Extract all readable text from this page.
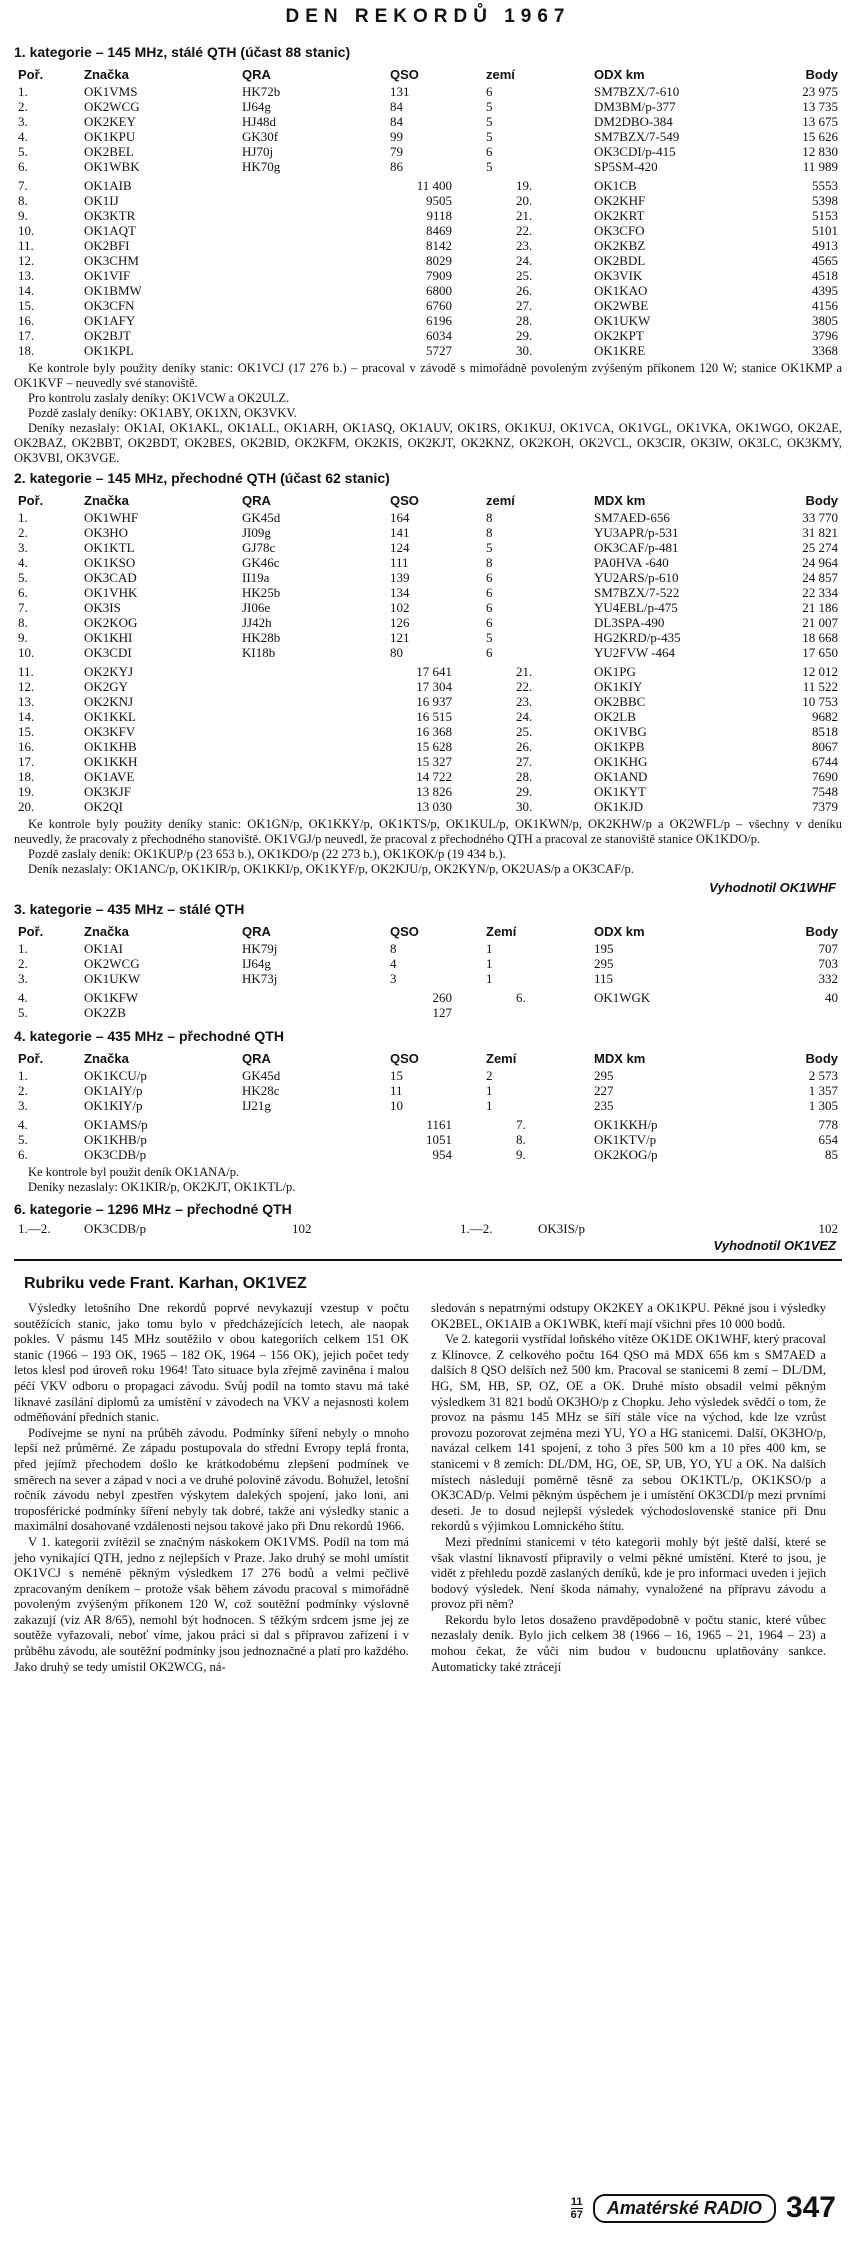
DEN REKORDŮ 1967
1. kategorie – 145 MHz, stálé QTH (účast 88 stanic)
Poř.	Značka	QRA	QSO	zemí	ODX km	Body
1.	OK1VMS	HK72b	131	6	SM7BZX/7-610	23 975
2.	OK2WCG	IJ64g	84	5	DM3BM/p-377	13 735
3.	OK2KEY	HJ48d	84	5	DM2DBO-384	13 675
4.	OK1KPU	GK30f	99	5	SM7BZX/7-549	15 626
5.	OK2BEL	HJ70j	79	6	OK3CDI/p-415	12 830
6.	OK1WBK	HK70g	86	5	SP5SM-420	11 989
7.	OK1AIB	11 400	19.	OK1CB	5553
8.	OK1IJ	9505	20.	OK2KHF	5398
9.	OK3KTR	9118	21.	OK2KRT	5153
10.	OK1AQT	8469	22.	OK3CFO	5101
11.	OK2BFI	8142	23.	OK2KBZ	4913
12.	OK3CHM	8029	24.	OK2BDL	4565
13.	OK1VIF	7909	25.	OK3VIK	4518
14.	OK1BMW	6800	26.	OK1KAO	4395
15.	OK3CFN	6760	27.	OK2WBE	4156
16.	OK1AFY	6196	28.	OK1UKW	3805
17.	OK2BJT	6034	29.	OK2KPT	3796
18.	OK1KPL	5727	30.	OK1KRE	3368

Ke kontrole byly použity deníky stanic: OK1VCJ (17 276 b.) – pracoval v závodě s mimořádně povoleným zvýšeným příkonem 120 W; stanice OK1KMP a OK1KVF – neuvedly své stanoviště.

Pro kontrolu zaslaly deníky: OK1VCW a OK2ULZ.

Pozdě zaslaly deníky: OK1ABY, OK1XN, OK3VKV.

Deníky nezaslaly: OK1AI, OK1AKL, OK1ALL, OK1ARH, OK1ASQ, OK1AUV, OK1RS, OK1KUJ, OK1VCA, OK1VGL, OK1VKA, OK1WGO, OK2AE, OK2BAZ, OK2BBT, OK2BDT, OK2BES, OK2BID, OK2KFM, OK2KIS, OK2KJT, OK2KNZ, OK2KOH, OK2VCL, OK3CIR, OK3IW, OK3LC, OK3KMY, OK3VBI, OK3VGE.

2. kategorie – 145 MHz, přechodné QTH (účast 62 stanic)
Poř.	Značka	QRA	QSO	zemí	MDX km	Body
1.	OK1WHF	GK45d	164	8	SM7AED-656	33 770
2.	OK3HO	JI09g	141	8	YU3APR/p-531	31 821
3.	OK1KTL	GJ78c	124	5	OK3CAF/p-481	25 274
4.	OK1KSO	GK46c	111	8	PA0HVA -640	24 964
5.	OK3CAD	II19a	139	6	YU2ARS/p-610	24 857
6.	OK1VHK	HK25b	134	6	SM7BZX/7-522	22 334
7.	OK3IS	JI06e	102	6	YU4EBL/p-475	21 186
8.	OK2KOG	JJ42h	126	6	DL3SPA-490	21 007
9.	OK1KHI	HK28b	121	5	HG2KRD/p-435	18 668
10.	OK3CDI	KI18b	80	6	YU2FVW -464	17 650
11.	OK2KYJ	17 641	21.	OK1PG	12 012
12.	OK2GY	17 304	22.	OK1KIY	11 522
13.	OK2KNJ	16 937	23.	OK2BBC	10 753
14.	OK1KKL	16 515	24.	OK2LB	9682
15.	OK3KFV	16 368	25.	OK1VBG	8518
16.	OK1KHB	15 628	26.	OK1KPB	8067
17.	OK1KKH	15 327	27.	OK1KHG	6744
18.	OK1AVE	14 722	28.	OK1AND	7690
19.	OK3KJF	13 826	29.	OK1KYT	7548
20.	OK2QI	13 030	30.	OK1KJD	7379

Ke kontrole byly použity deníky stanic: OK1GN/p, OK1KKY/p, OK1KTS/p, OK1KUL/p, OK1KWN/p, OK2KHW/p a OK2WFL/p – všechny v deníku neuvedly, že pracovaly z přechodného stanoviště. OK1VGJ/p neuvedl, že pracoval z přechodného QTH a pracoval ze stanoviště stanice OK1KDO/p.

Pozdě zaslaly deník: OK1KUP/p (23 653 b.), OK1KDO/p (22 273 b.), OK1KOK/p (19 434 b.).

Deník nezaslaly: OK1ANC/p, OK1KIR/p, OK1KKI/p, OK1KYF/p, OK2KJU/p, OK2KYN/p, OK2UAS/p a OK3CAF/p.

Vyhodnotil OK1WHF
3. kategorie – 435 MHz – stálé QTH
Poř.	Značka	QRA	QSO	Zemí	ODX km	Body
1.	OK1AI	HK79j	8	1	195	707
2.	OK2WCG	IJ64g	4	1	295	703
3.	OK1UKW	HK73j	3	1	115	332
4.	OK1KFW	260	6.	OK1WGK	40
5.	OK2ZB	127			
4. kategorie – 435 MHz – přechodné QTH
Poř.	Značka	QRA	QSO	Zemí	MDX km	Body
1.	OK1KCU/p	GK45d	15	2	295	2 573
2.	OK1AIY/p	HK28c	11	1	227	1 357
3.	OK1KIY/p	IJ21g	10	1	235	1 305
4.	OK1AMS/p	1161	7.	OK1KKH/p	778
5.	OK1KHB/p	1051	8.	OK1KTV/p	654
6.	OK3CDB/p	954	9.	OK2KOG/p	85

Ke kontrole byl použit deník OK1ANA/p.

Deníky nezaslaly: OK1KIR/p, OK2KJT, OK1KTL/p.

6. kategorie – 1296 MHz – přechodné QTH
1.—2.	OK3CDB/p	102	1.—2.	OK3IS/p	102
Vyhodnotil OK1VEZ
Rubriku vede Frant. Karhan, OK1VEZ

Výsledky letošního Dne rekordů poprvé nevykazují vzestup v počtu soutěžících stanic, jako tomu bylo v předcházejících letech, ale naopak pokles. V pásmu 145 MHz soutěžilo v obou kategoriích celkem 151 OK stanic (1966 – 193 OK, 1965 – 182 OK, 1964 – 156 OK), jejich počet tedy letos klesl pod úroveň roku 1964! Tato situace byla zřejmě zaviněna i malou péčí VKV odboru o propagaci závodu. Svůj podíl na tomto stavu má také liknavé zasílání diplomů za umístění v závodech na VKV a nejasnosti kolem odměňování předních stanic.

Podívejme se nyní na průběh závodu. Podmínky šíření nebyly o mnoho lepší než průměrné. Ze západu postupovala do střední Evropy teplá fronta, před jejímž přechodem došlo ke krátkodobému zlepšení podmínek ve směrech na sever a západ v noci a ve druhé polovině závodu. Bohužel, letošní ročník závodu nebyl zpestřen výskytem dalekých spojení, jako loni, ani troposférické podmínky šíření nebyly tak dobré, takže ani výsledky stanic a maximální dosahované vzdálenosti nejsou takové jako při Dnu rekordů 1966.

V 1. kategorii zvítězil se značným náskokem OK1VMS. Podíl na tom má jeho vynikající QTH, jedno z nejlepších v Praze. Jako druhý se mohl umístit OK1VCJ s neméně pěkným výsledkem 17 276 bodů a velmi pečlivě zpracovaným deníkem – protože však během závodu pracoval s mimořádně povoleným zvýšeným příkonem 120 W, což soutěžní podmínky výslovně zakazují (viz AR 8/65), nemohl být hodnocen. S těžkým srdcem jsme jej ze soutěže vyřazovali, neboť víme, jakou práci si dal s přípravou zařízení i v průběhu závodu, ale soutěžní podmínky jsou jednoznačné a platí pro každého. Jako druhý se tedy umístil OK2WCG, ná-

sledován s nepatrnými odstupy OK2KEY a OK1KPU. Pěkné jsou i výsledky OK2BEL, OK1AIB a OK1WBK, kteří mají všichni přes 10 000 bodů.

Ve 2. kategorii vystřídal loňského vítěze OK1DE OK1WHF, který pracoval z Klínovce. Z celkového počtu 164 QSO má MDX 656 km s SM7AED a dalších 8 QSO delších než 500 km. Pracoval se stanicemi 8 zemí – DL/DM, HG, SM, HB, SP, OZ, OE a OK. Druhé místo obsadil velmi pěkným výsledkem 31 821 bodů OK3HO/p z Chopku. Jeho výsledek svědčí o tom, že provoz na pásmu 145 MHz se šíří stále více na východ, kde lze vzrůst provozu pozorovat zejména mezi YU, YO a HG stanicemi. Další, OK3HO/p, navázal celkem 141 spojení, z toho 3 přes 500 km a 10 přes 400 km, se stanicemi v 8 zemích: DL/DM, HG, OE, SP, UB, YO, YU a OK. Na dalších místech následují poměrně těsně za sebou OK1KTL/p, OK1KSO/p a OK3CAD/p. Velmi pěkným úspěchem je i umístění OK3CDI/p mezi prvními deseti. Je to dosud nejlepší výsledek východoslovenské stanice při Dnu rekordů s výjimkou Lomnického štítu.

Mezi předními stanicemi v této kategorii mohly být ještě další, které se však vlastní liknavostí připravily o velmi pěkné umístění. Které to jsou, je vidět z přehledu pozdě zaslaných deníků, kde je pro informaci uveden i jejich bodový výsledek. Není škoda námahy, vynaložené na přípravu závodu a provoz při něm?

Rekordu bylo letos dosaženo pravděpodobně v počtu stanic, které vůbec nezaslaly deník. Bylo jich celkem 38 (1966 – 16, 1965 – 21, 1964 – 23) a mohou čekat, že vůči nim budou v budoucnu uplatňovány sankce. Automaticky také ztrácejí

11
67	Amatérské RADIO 347
